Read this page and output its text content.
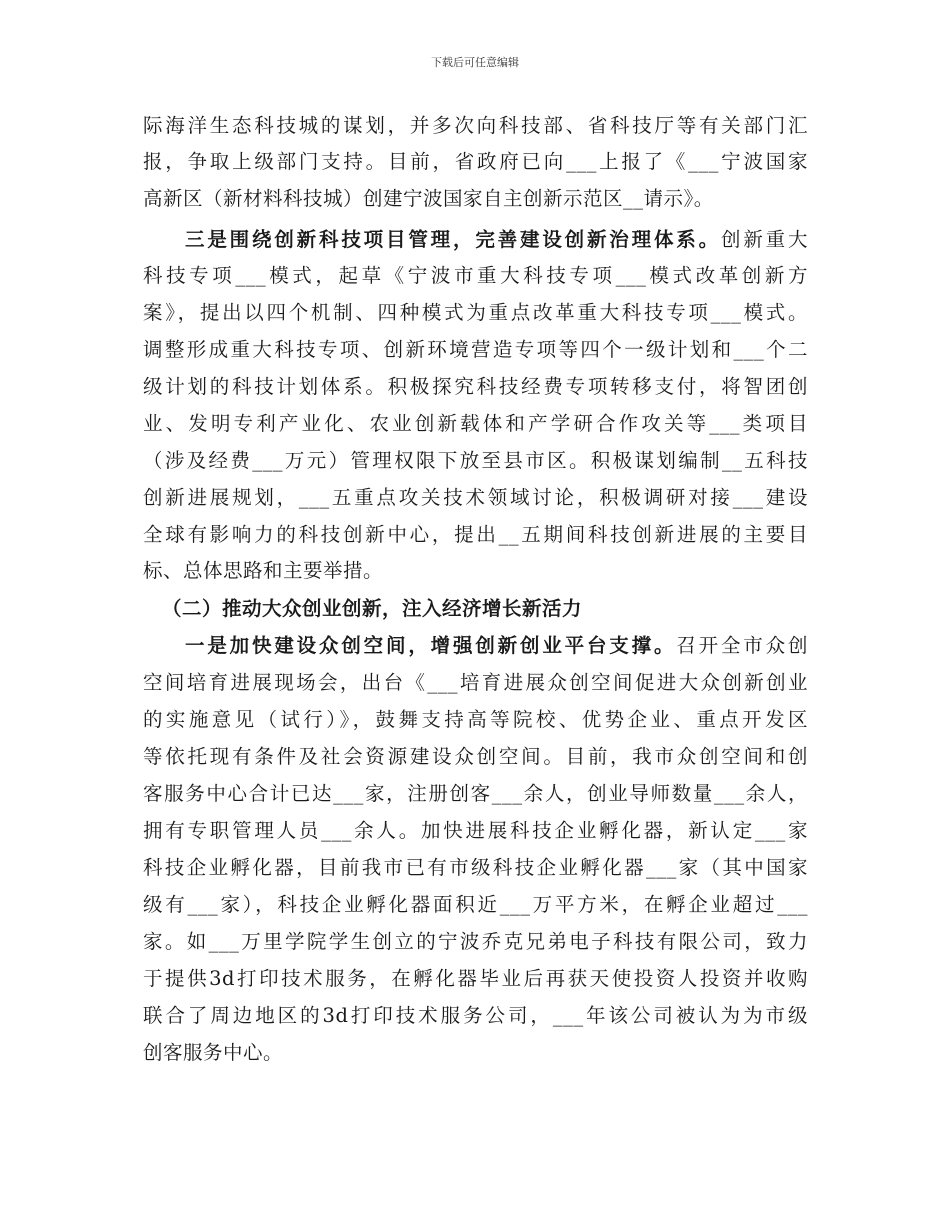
下载后可任意编辑
际海洋生态科技城的谋划，并多次向科技部、省科技厅等有关部门汇
报，争取上级部门支持。目前，省政府已向___上报了《___宁波国家
高新区（新材料科技城）创建宁波国家自主创新示范区__请示》。
三是围绕创新科技项目管理，完善建设创新治理体系。创新重大
科技专项___模式，起草《宁波市重大科技专项___模式改革创新方
案》，提出以四个机制、四种模式为重点改革重大科技专项___模式。
调整形成重大科技专项、创新环境营造专项等四个一级计划和___个二
级计划的科技计划体系。积极探究科技经费专项转移支付，将智团创
业、发明专利产业化、农业创新载体和产学研合作攻关等___类项目
（涉及经费___万元）管理权限下放至县市区。积极谋划编制__五科技
创新进展规划，___五重点攻关技术领域讨论，积极调研对接___建设
全球有影响力的科技创新中心，提出__五期间科技创新进展的主要目
标、总体思路和主要举措。
（二）推动大众创业创新，注入经济增长新活力
一是加快建设众创空间，增强创新创业平台支撑。召开全市众创
空间培育进展现场会，出台《___培育进展众创空间促进大众创新创业
的实施意见（试行）》，鼓舞支持高等院校、优势企业、重点开发区
等依托现有条件及社会资源建设众创空间。目前，我市众创空间和创
客服务中心合计已达___家，注册创客___余人，创业导师数量___余人，
拥有专职管理人员___余人。加快进展科技企业孵化器，新认定___家
科技企业孵化器，目前我市已有市级科技企业孵化器___家（其中国家
级有___家），科技企业孵化器面积近___万平方米，在孵企业超过___
家。如___万里学院学生创立的宁波乔克兄弟电子科技有限公司，致力
于提供3d打印技术服务，在孵化器毕业后再获天使投资人投资并收购
联合了周边地区的3d打印技术服务公司，___年该公司被认为为市级
创客服务中心。
